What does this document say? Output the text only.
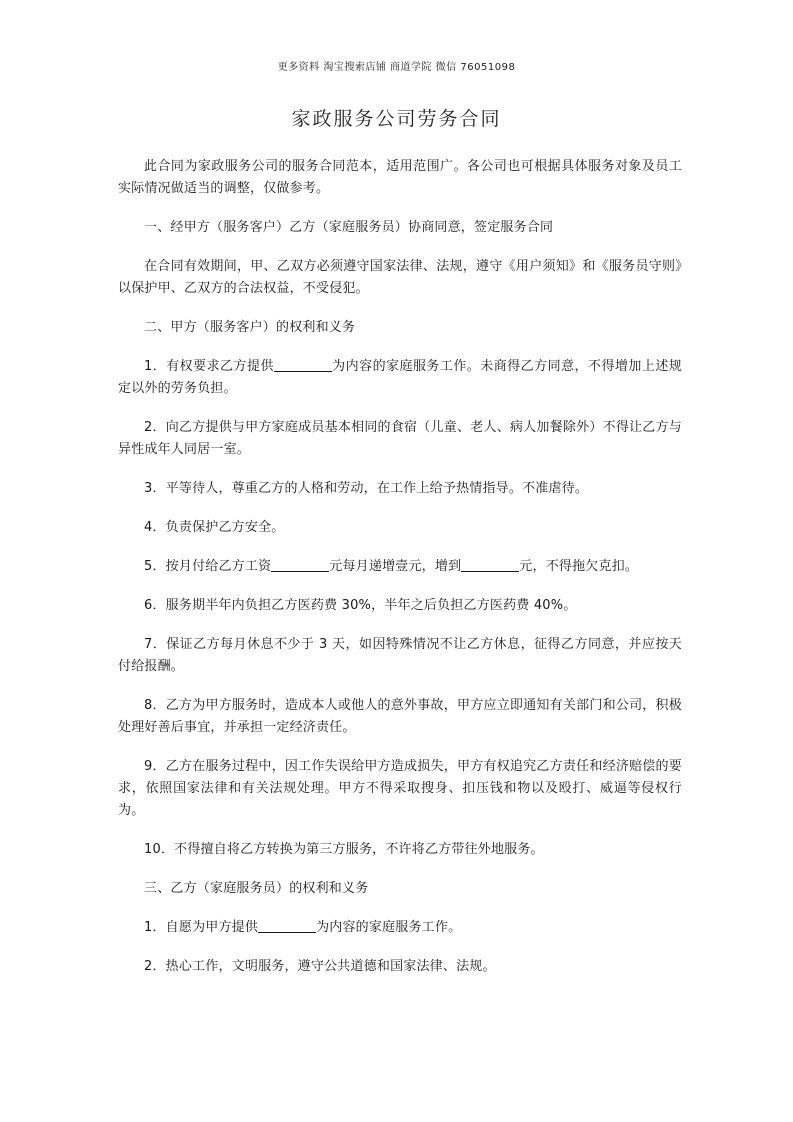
更多资料 淘宝搜索店铺 商道学院 微信 76051098
家政服务公司劳务合同

此合同为家政服务公司的服务合同范本，适用范围广。各公司也可根据具体服务对象及员工实际情况做适当的调整，仅做参考。

一、经甲方（服务客户）乙方（家庭服务员）协商同意，签定服务合同

在合同有效期间，甲、乙双方必须遵守国家法律、法规，遵守《用户须知》和《服务员守则》以保护甲、乙双方的合法权益，不受侵犯。

二、甲方（服务客户）的权利和义务

1．有权要求乙方提供	为内容的家庭服务工作。未商得乙方同意，不得增加上述规定以外的劳务负担。

2．向乙方提供与甲方家庭成员基本相同的食宿（儿童、老人、病人加餐除外）不得让乙方与异性成年人同居一室。

3．平等待人，尊重乙方的人格和劳动，在工作上给予热情指导。不准虐待。

4．负责保护乙方安全。

5．按月付给乙方工资	元每月递增壹元，增到	元，不得拖欠克扣。

6．服务期半年内负担乙方医药费 30%，半年之后负担乙方医药费 40%。

7．保证乙方每月休息不少于 3 天，如因特殊情况不让乙方休息，征得乙方同意，并应按天付给报酬。

8．乙方为甲方服务时，造成本人或他人的意外事故，甲方应立即通知有关部门和公司，积极处理好善后事宜，并承担一定经济责任。

9．乙方在服务过程中，因工作失误给甲方造成损失，甲方有权追究乙方责任和经济赔偿的要求，依照国家法律和有关法规处理。甲方不得采取搜身、扣压钱和物以及殴打、威逼等侵权行为。

10．不得擅自将乙方转换为第三方服务，不许将乙方带往外地服务。

三、乙方（家庭服务员）的权利和义务

1．自愿为甲方提供	为内容的家庭服务工作。

2．热心工作，文明服务，遵守公共道德和国家法律、法规。
